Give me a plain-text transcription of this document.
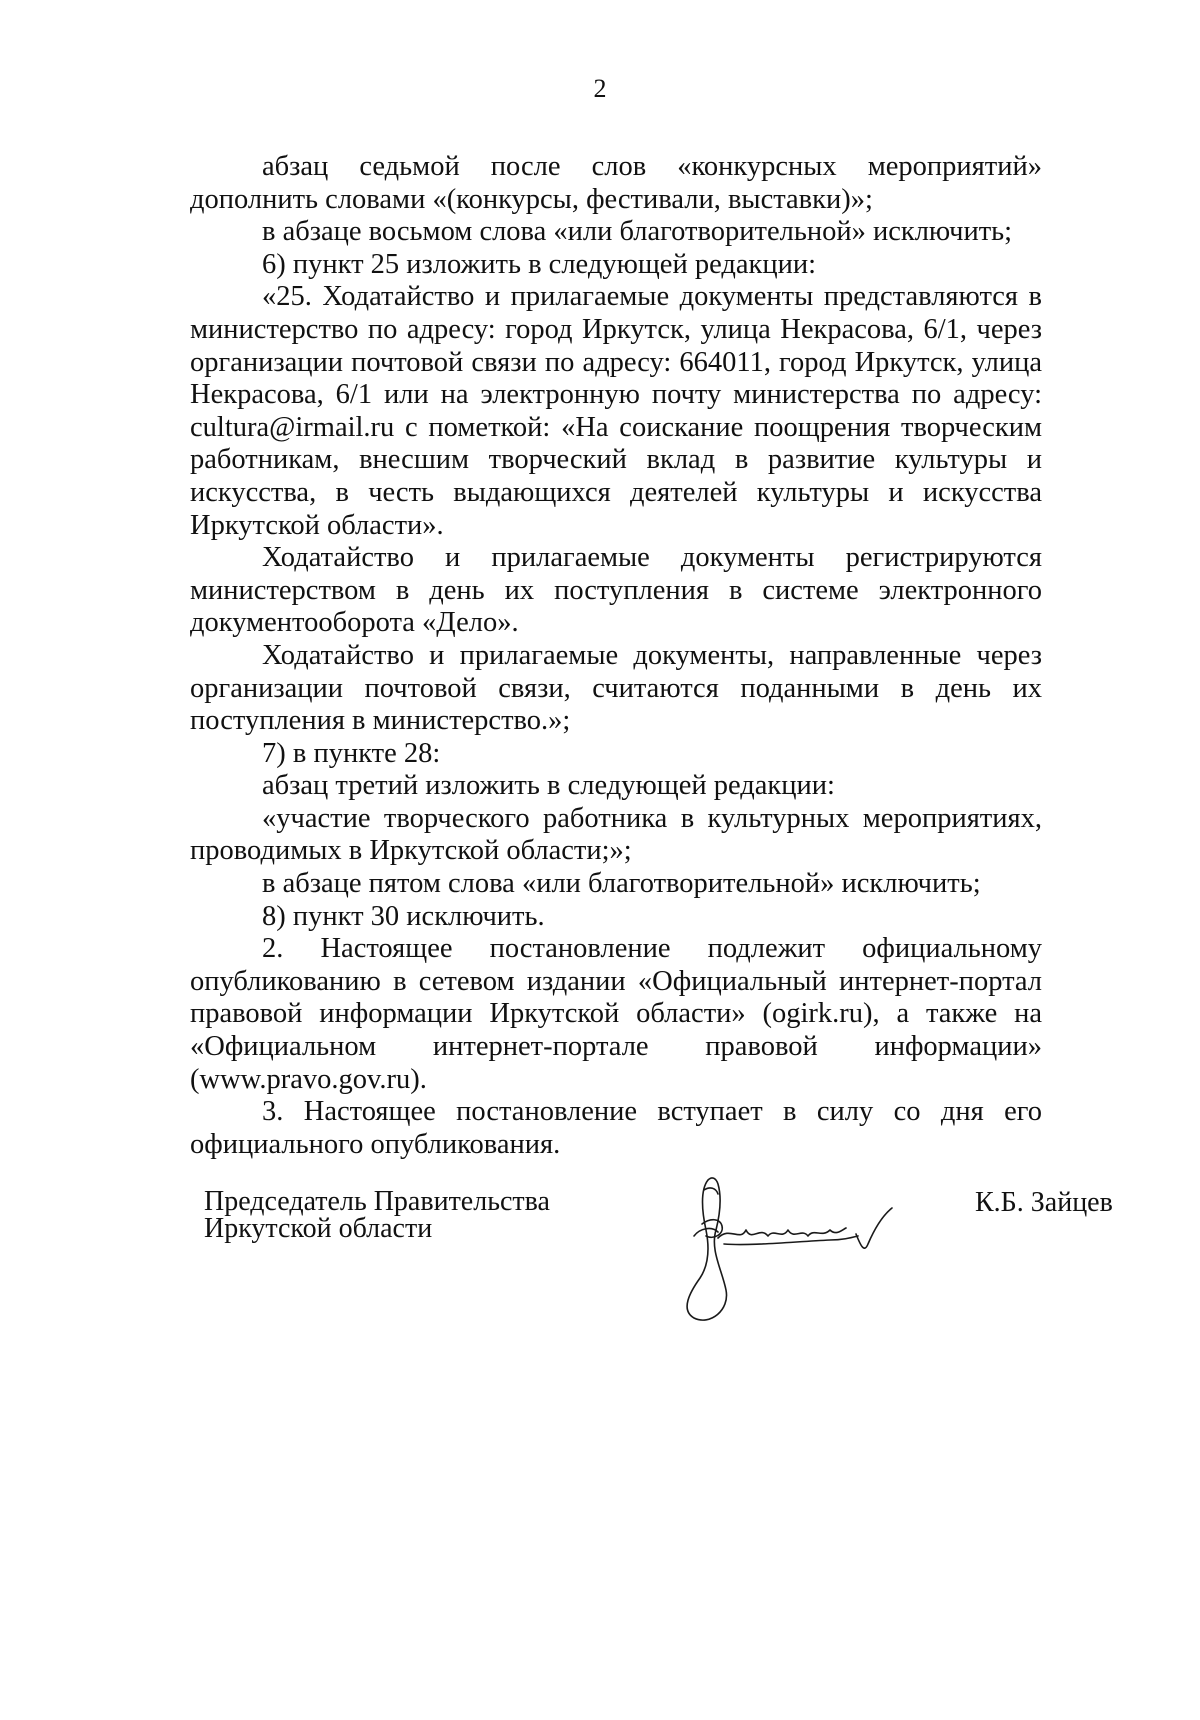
2

абзац седьмой после слов «конкурсных мероприятий» дополнить словами «(конкурсы, фестивали, выставки)»;

в абзаце восьмом слова «или благотворительной» исключить;

6) пункт 25 изложить в следующей редакции:

«25. Ходатайство и прилагаемые документы представляются в министерство по адресу: город Иркутск, улица Некрасова, 6/1, через организации почтовой связи по адресу: 664011, город Иркутск, улица Некрасова, 6/1 или на электронную почту министерства по адресу: cultura@irmail.ru с пометкой: «На соискание поощрения творческим работникам, внесшим творческий вклад в развитие культуры и искусства, в честь выдающихся деятелей культуры и искусства Иркутской области».

Ходатайство и прилагаемые документы регистрируются министерством в день их поступления в системе электронного документооборота «Дело».

Ходатайство и прилагаемые документы, направленные через организации почтовой связи, считаются поданными в день их поступления в министерство.»;

7) в пункте 28:

абзац третий изложить в следующей редакции:

«участие творческого работника в культурных мероприятиях, проводимых в Иркутской области;»;

в абзаце пятом слова «или благотворительной» исключить;

8) пункт 30 исключить.

2. Настоящее постановление подлежит официальному опубликованию в сетевом издании «Официальный интернет-портал правовой информации Иркутской области» (ogirk.ru), а также на «Официальном интернет-портале правовой информации» (www.pravo.gov.ru).

3. Настоящее постановление вступает в силу со дня его официального опубликования.

Председатель Правительства
Иркутской области
К.Б. Зайцев
